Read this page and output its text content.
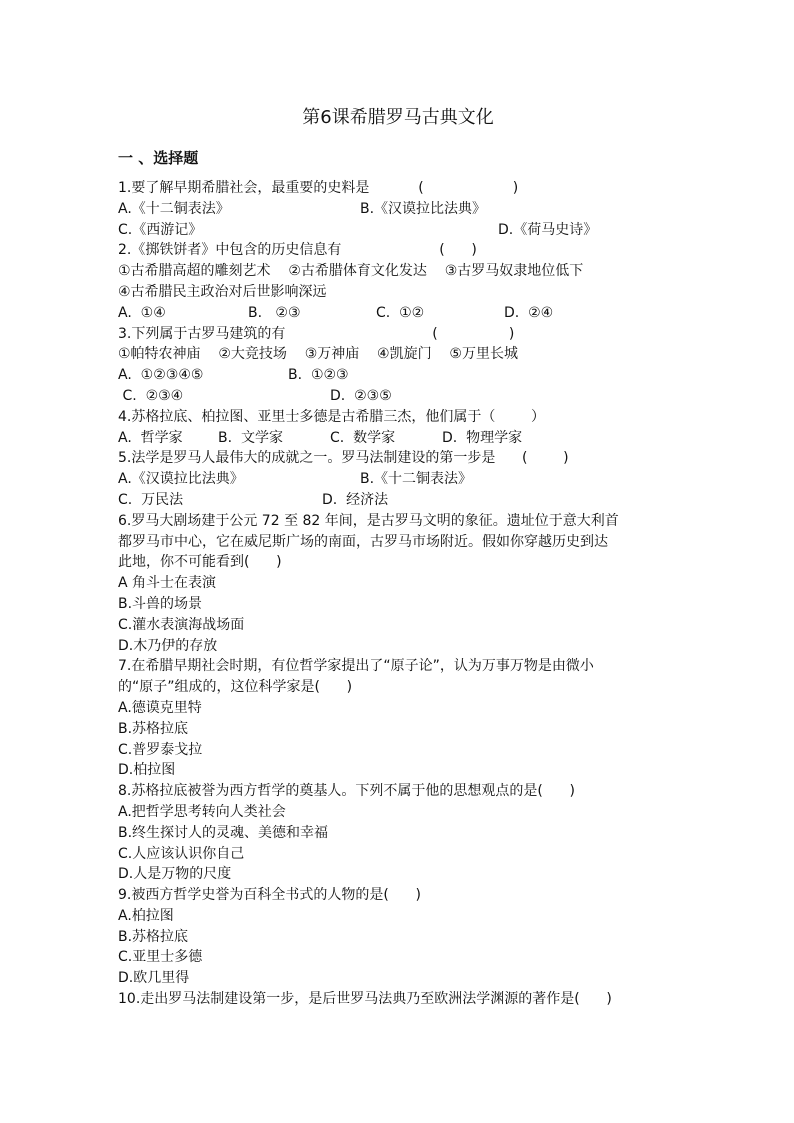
第6课希腊罗马古典文化
一 、选择题
1.要了解早期希腊社会，最重要的史料是           (                    )

A.《十二铜表法》

	B.《汉谟拉比法典》

C.《西游记》

	D.《荷马史诗》

2.《掷铁饼者》中包含的历史信息有                      (      )
①古希腊高超的雕刻艺术    ②古希腊体育文化发达    ③古罗马奴隶地位低下
④古希腊民主政治对后世影响深远

A.  ①④

	B.   ②③

	C.  ①②

	D.  ②④

3.下列属于古罗马建筑的有                                 (                )
①帕特农神庙    ②大竞技场    ③万神庙    ④凯旋门    ⑤万里长城

A.  ①②③④⑤

	B.  ①②③

C.  ②③④

	D.  ②③⑤

4.苏格拉底、柏拉图、亚里士多德是古希腊三杰，他们属于（        ）

A.  哲学家

	B.  文学家

	C.  数学家

	D.  物理学家

5.法学是罗马人最伟大的成就之一。罗马法制建设的第一步是      (        )

A.《汉谟拉比法典》

	B.《十二铜表法》

C.  万民法

	D.  经济法

6.罗马大剧场建于公元 72 至 82 年间，是古罗马文明的象征。遗址位于意大利首
都罗马市中心，它在威尼斯广场的南面，古罗马市场附近。假如你穿越历史到达
此地，你不可能看到(      )
A 角斗士在表演
B.斗兽的场景
C.灌水表演海战场面
D.木乃伊的存放
7.在希腊早期社会时期，有位哲学家提出了“原子论”，认为万事万物是由微小
的“原子”组成的，这位科学家是(      )
A.德谟克里特
B.苏格拉底
C.普罗泰戈拉
D.柏拉图
8.苏格拉底被誉为西方哲学的奠基人。下列不属于他的思想观点的是(      )
A.把哲学思考转向人类社会
B.终生探讨人的灵魂、美德和幸福
C.人应该认识你自己
D.人是万物的尺度
9.被西方哲学史誉为百科全书式的人物的是(      )
A.柏拉图
B.苏格拉底
C.亚里士多德
D.欧几里得
10.走出罗马法制建设第一步，是后世罗马法典乃至欧洲法学渊源的著作是(      )
